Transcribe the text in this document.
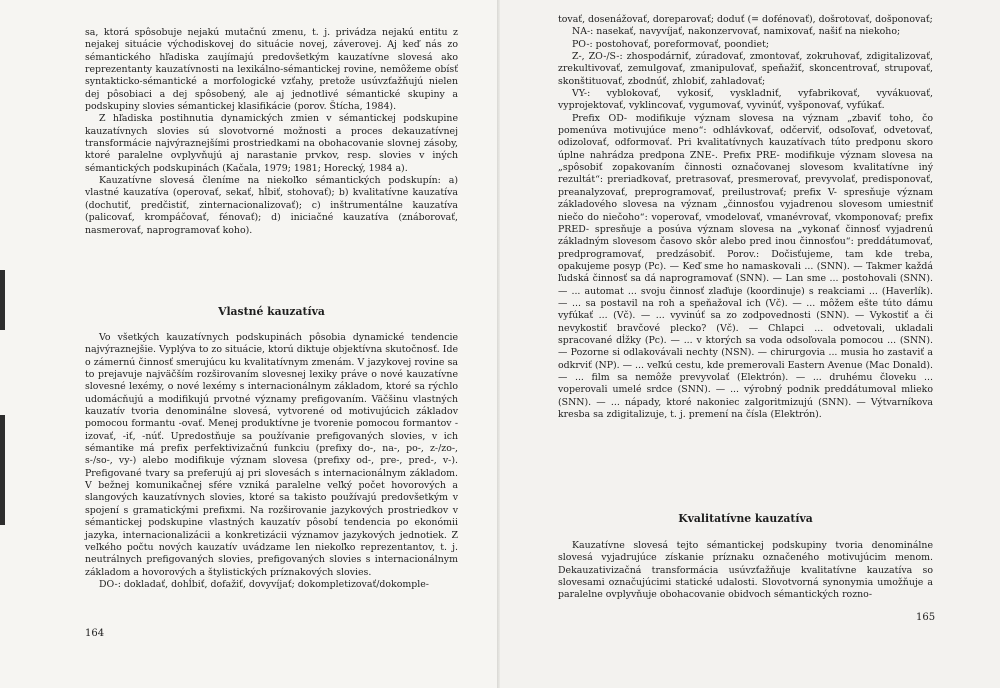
sa, ktorá spôsobuje nejakú mutačnú zmenu, t. j. privádza nejakú entitu z nejakej situácie východiskovej do situácie novej, záverovej. Aj keď nás zo sémantického hľadiska zaujímajú predovšetkým kauzatívne slovesá ako reprezentanty kauzatívnosti na lexikálno-sémantickej rovine, nemôžeme obísť syntakticko-sémantické a morfologické vzťahy, pretože usúvzťažňujú nielen dej pôsobiaci a dej spôsobený, ale aj jednotlivé sémantické skupiny a podskupiny slovies sémantickej klasifikácie (porov. Štícha, 1984).

Z hľadiska postihnutia dynamických zmien v sémantickej podskupine kauzatívnych slovies sú slovotvorné možnosti a proces dekauzatívnej transformácie najvýraznejšími prostriedkami na obohacovanie slovnej zásoby, ktoré paralelne ovplyvňujú aj narastanie prvkov, resp. slovies v iných sémantických podskupinách (Kačala, 1979; 1981; Horecký, 1984 a).

Kauzatívne slovesá členíme na niekoľko sémantických podskupín: a) vlastné kauzatíva (operovať, sekať, hĺbiť, stohovať); b) kvalitatívne kauzatíva (dochutiť, predčistiť, zinternacionalizovať); c) inštrumentálne kauzatíva (palicovať, krompáčovať, fénovať); d) iniciačné kauzatíva (znáborovať, nasmerovať, naprogramovať koho).

Vlastné kauzatíva

Vo všetkých kauzatívnych podskupinách pôsobia dynamické tendencie najvýraznejšie. Vyplýva to zo situácie, ktorú diktuje objektívna skutočnosť. Ide o zámernú činnosť smerujúcu ku kvalitatívnym zmenám. V jazykovej rovine sa to prejavuje najväčším rozširovaním slovesnej lexiky práve o nové kauzatívne slovesné lexémy, o nové lexémy s internacionálnym základom, ktoré sa rýchlo udomácňujú a modifikujú prvotné významy prefigovaním. Väčšinu vlastných kauzatív tvoria denominálne slovesá, vytvorené od motivujúcich základov pomocou formantu -ovať. Menej produktívne je tvorenie pomocou formantov -izovať, -iť, -núť. Upredostňuje sa používanie prefigovaných slovies, v ich sémantike má prefix perfektivizačnú funkciu (prefixy do-, na-, po-, z-/zo-, s-/so-, vy-) alebo modifikuje význam slovesa (prefixy od-, pre-, pred-, v-). Prefigované tvary sa preferujú aj pri slovesách s internacionálnym základom. V bežnej komunikačnej sfére vzniká paralelne veľký počet hovorových a slangových kauzatívnych slovies, ktoré sa takisto používajú predovšetkým v spojení s gramatickými prefixmi. Na rozširovanie jazykových prostriedkov v sémantickej podskupine vlastných kauzatív pôsobí tendencia po ekonómii jazyka, internacionalizácii a konkretizácii významov jazykových jednotiek. Z veľkého počtu nových kauzatív uvádzame len niekoľko reprezentantov, t. j. neutrálnych prefigovaných slovies, prefigovaných slovies s internacionálnym základom a hovorových a štylistických príznakových slovies.

DO-: dokladať, dohĺbiť, dofažiť, dovyvíjať; dokompletizovať/dokomple-

164

tovať, dosenážovať, doreparovať; doduť (= dofénovať), došrotovať, došponovať;

NA-: nasekať, navyvíjať, nakonzervovať, namixovať, našiť na niekoho;

PO-: postohovať, poreformovať, poondiet;

Z-, ZO-/S-: zhospodárniť, zúradovať, zmontovať, zokruhovať, zdigitalizovať, zrekultivovať, zemulgovať, zmanipulovať, speňažiť, skoncentrovať, strupovať, skonštituovať, zbodnúť, zhlobiť, zahladovať;

VY-: vyblokovať, vykosiť, vyskladniť, vyfabrikovať, vyvákuovať, vyprojektovať, vyklincovať, vygumovať, vyvinúť, vyšponovať, vyfúkať.

Prefix OD- modifikuje význam slovesa na význam „zbaviť toho, čo pomenúva motivujúce meno“: odhlávkovať, odčerviť, odsoľovať, odvetovať, odizolovať, odformovať. Pri kvalitatívnych kauzatívach túto predponu skoro úplne nahrádza predpona ZNE-. Prefix PRE- modifikuje význam slovesa na „spôsobiť zopakovaním činnosti označovanej slovesom kvalitatívne iný rezultát“: preriadkovať, pretrasovať, presmerovať, prevyvolať, predisponovať, preanalyzovať, preprogramovať, preilustrovať; prefix V- spresňuje význam základového slovesa na význam „činnosťou vyjadrenou slovesom umiestniť niečo do niečoho“: voperovať, vmodelovať, vmanévrovať, vkomponovať; prefix PRED- spresňuje a posúva význam slovesa na „vykonať činnosť vyjadrenú základným slovesom časovo skôr alebo pred inou činnosťou“: preddátumovať, predprogramovať, predzásobiť. Porov.: Dočisťujeme, tam kde treba, opakujeme posyp (Pc). — Keď sme ho namaskovali ... (SNN). — Takmer každá ľudská činnosť sa dá naprogramovať (SNN). — Lan sme ... postohovali (SNN). — ... automat ... svoju činnosť zlaďuje (koordinuje) s reakciami ... (Haverlík). — ... sa postavil na roh a speňažoval ich (Vč). — ... môžem ešte túto dámu vyfúkať ... (Vč). — ... vyvinúť sa zo zodpovednosti (SNN). — Vykostiť a či nevykostiť bravčové plecko? (Vč). — Chlapci ... odvetovali, ukladali spracované dĺžky (Pc). — ... v ktorých sa voda odsoľovala pomocou ... (SNN). — Pozorne si odlakovávali nechty (NSN). — chirurgovia ... musia ho zastaviť a odkrviť (NP). — ... veľkú cestu, kde premerovali Eastern Avenue (Mac Donald). — ... film sa nemôže prevyvolať (Elektrón). — ... druhému človeku ... voperovali umelé srdce (SNN). — ... výrobný podnik preddátumoval mlieko (SNN). — ... nápady, ktoré nakoniec zalgoritmizujú (SNN). — Výtvarníkova kresba sa zdigitalizuje, t. j. premení na čísla (Elektrón).

Kvalitatívne kauzatíva

Kauzatívne slovesá tejto sémantickej podskupiny tvoria denominálne slovesá vyjadrujúce získanie príznaku označeného motivujúcim menom. Dekauzativizačná transformácia usúvzťažňuje kvalitatívne kauzatíva so slovesami označujúcimi statické udalosti. Slovotvorná synonymia umožňuje a paralelne ovplyvňuje obohacovanie obidvoch sémantických rozno-

165
